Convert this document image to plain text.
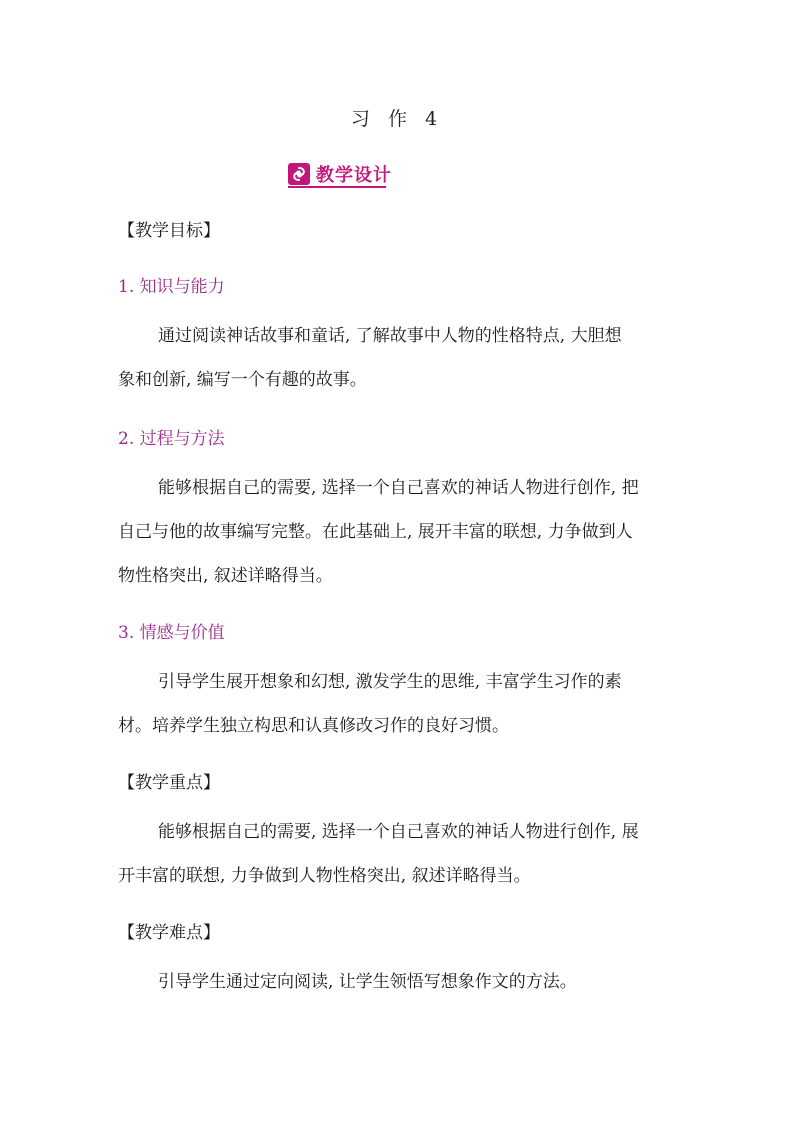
习 作 4
教学设计
【教学目标】
1. 知识与能力
通过阅读神话故事和童话, 了解故事中人物的性格特点, 大胆想
象和创新, 编写一个有趣的故事。
2. 过程与方法
能够根据自己的需要, 选择一个自己喜欢的神话人物进行创作, 把
自己与他的故事编写完整。在此基础上, 展开丰富的联想, 力争做到人
物性格突出, 叙述详略得当。
3. 情感与价值
引导学生展开想象和幻想, 激发学生的思维, 丰富学生习作的素
材。培养学生独立构思和认真修改习作的良好习惯。
【教学重点】
能够根据自己的需要, 选择一个自己喜欢的神话人物进行创作, 展
开丰富的联想, 力争做到人物性格突出, 叙述详略得当。
【教学难点】
引导学生通过定向阅读, 让学生领悟写想象作文的方法。
